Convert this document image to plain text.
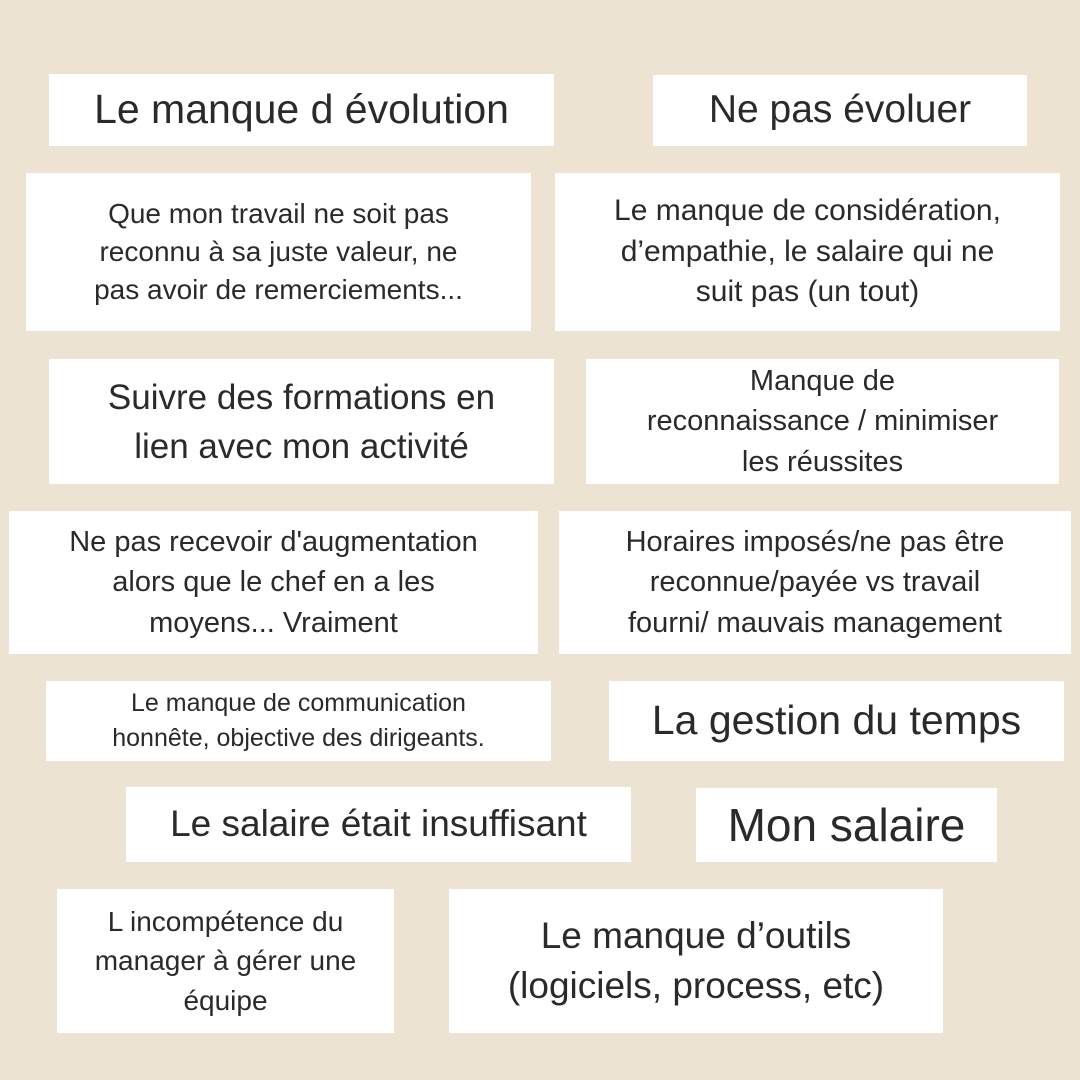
Le manque d évolution	Ne pas évoluer
Que mon travail ne soit pas
reconnu à sa juste valeur, ne
pas avoir de remerciements...
Le manque de considération,
d’empathie, le salaire qui ne
suit pas (un tout)
Suivre des formations en
lien avec mon activité
Manque de
reconnaissance / minimiser
les réussites
Ne pas recevoir d'augmentation
alors que le chef en a les
moyens... Vraiment
Horaires imposés/ne pas être
reconnue/payée vs travail
fourni/ mauvais management
Le manque de communication
honnête, objective des dirigeants.	La gestion du temps
Le salaire était insuffisant	Mon salaire
L incompétence du
manager à gérer une
équipe
Le manque d’outils
(logiciels, process, etc)
